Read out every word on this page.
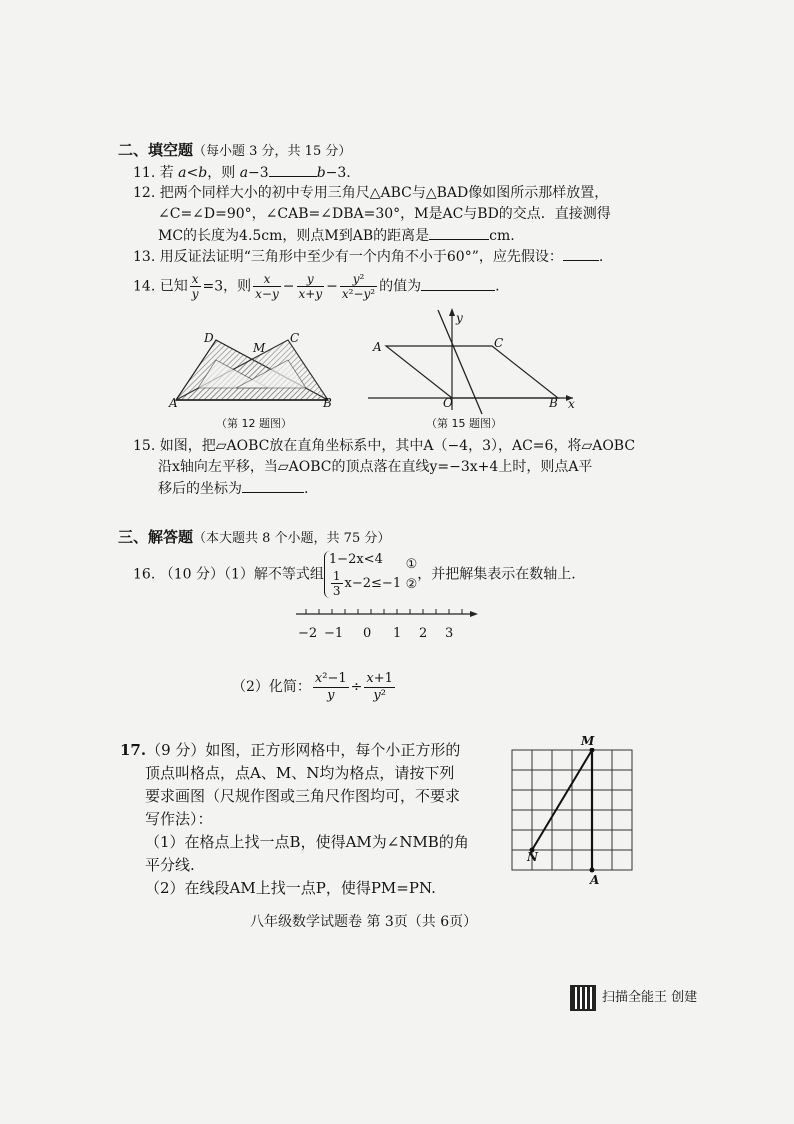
二、填空题（每小题 3 分，共 15 分）
11. 若 a<b，则 a−3	b−3.
12. 把两个同样大小的初中专用三角尺△ABC与△BAD像如图所示那样放置，
∠C=∠D=90°，∠CAB=∠DBA=30°，M是AC与BD的交点．直接测得
MC的长度为4.5cm，则点M到AB的距离是	cm.
13. 用反证法证明“三角形中至少有一个内角不小于60°”，应先假设：	.
14. 已知 $\frac{x}{y} =3$，则 $\frac{x}{x-y} - \frac{y}{x+y} - \frac{\text{y²}}{\text{x²−y²}}$ 的值为	.
D
M
C
A	B
（第 12 题图）
y
A	C
O	B x
（第 15 题图）
15. 如图，把▱AOBC放在直角坐标系中，其中A（−4，3），AC=6，将▱AOBC
沿x轴向左平移，当▱AOBC的顶点落在直线y=−3x+4上时，则点A平
移后的坐标为	.
三、解答题（本大题共 8 个小题，共 75 分）
16. （10 分）（1）解不等式组1−2x<4

$\frac{1}{3} x-2\le-1$ ①
②，并把解集表示在数轴上.
−2 −1 0 1 2 3
（2）化简： $\frac{\text{x²−1}}{y} \div \frac{x+1}{\text{y²}}$
17.（9 分）如图，正方形网格中，每个小正方形的
顶点叫格点，点A、M、N均为格点，请按下列
要求画图（尺规作图或三角尺作图均可，不要求
写作法）：
（1）在格点上找一点B，使得AM为∠NMB的角
平分线.
（2）在线段AM上找一点P，使得PM=PN.
M
N
A
八年级数学试题卷 第 3页（共 6页）
扫描全能王 创建
